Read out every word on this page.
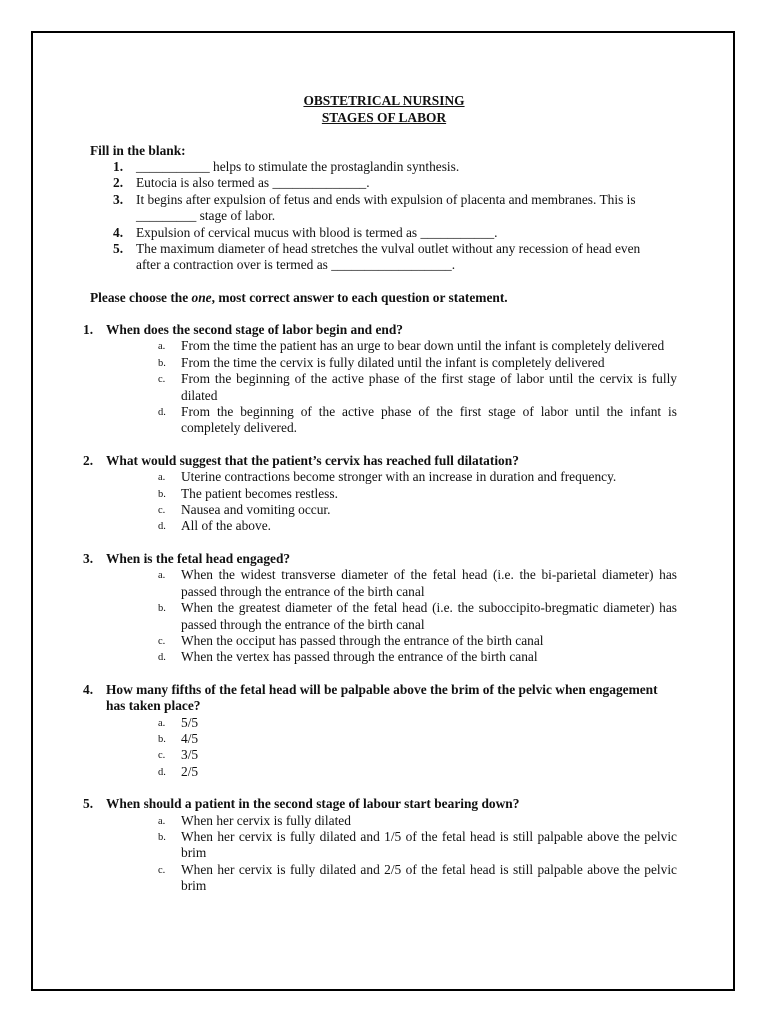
OBSTETRICAL NURSING
STAGES OF LABOR
Fill in the blank:
1. ___________ helps to stimulate the prostaglandin synthesis.
2. Eutocia is also termed as ______________.
3. It begins after expulsion of fetus and ends with expulsion of placenta and membranes. This is _________ stage of labor.
4. Expulsion of cervical mucus with blood is termed as ___________.
5. The maximum diameter of head stretches the vulval outlet without any recession of head even after a contraction over is termed as __________________.
Please choose the one, most correct answer to each question or statement.
1. When does the second stage of labor begin and end?
a. From the time the patient has an urge to bear down until the infant is completely delivered
b. From the time the cervix is fully dilated until the infant is completely delivered
c. From the beginning of the active phase of the first stage of labor until the cervix is fully dilated
d. From the beginning of the active phase of the first stage of labor until the infant is completely delivered.
2. What would suggest that the patient’s cervix has reached full dilatation?
a. Uterine contractions become stronger with an increase in duration and frequency.
b. The patient becomes restless.
c. Nausea and vomiting occur.
d. All of the above.
3. When is the fetal head engaged?
a. When the widest transverse diameter of the fetal head (i.e. the bi-parietal diameter) has passed through the entrance of the birth canal
b. When the greatest diameter of the fetal head (i.e. the suboccipito-bregmatic diameter) has passed through the entrance of the birth canal
c. When the occiput has passed through the entrance of the birth canal
d. When the vertex has passed through the entrance of the birth canal
4. How many fifths of the fetal head will be palpable above the brim of the pelvic when engagement has taken place?
a. 5/5
b. 4/5
c. 3/5
d. 2/5
5. When should a patient in the second stage of labour start bearing down?
a. When her cervix is fully dilated
b. When her cervix is fully dilated and 1/5 of the fetal head is still palpable above the pelvic brim
c. When her cervix is fully dilated and 2/5 of the fetal head is still palpable above the pelvic brim
